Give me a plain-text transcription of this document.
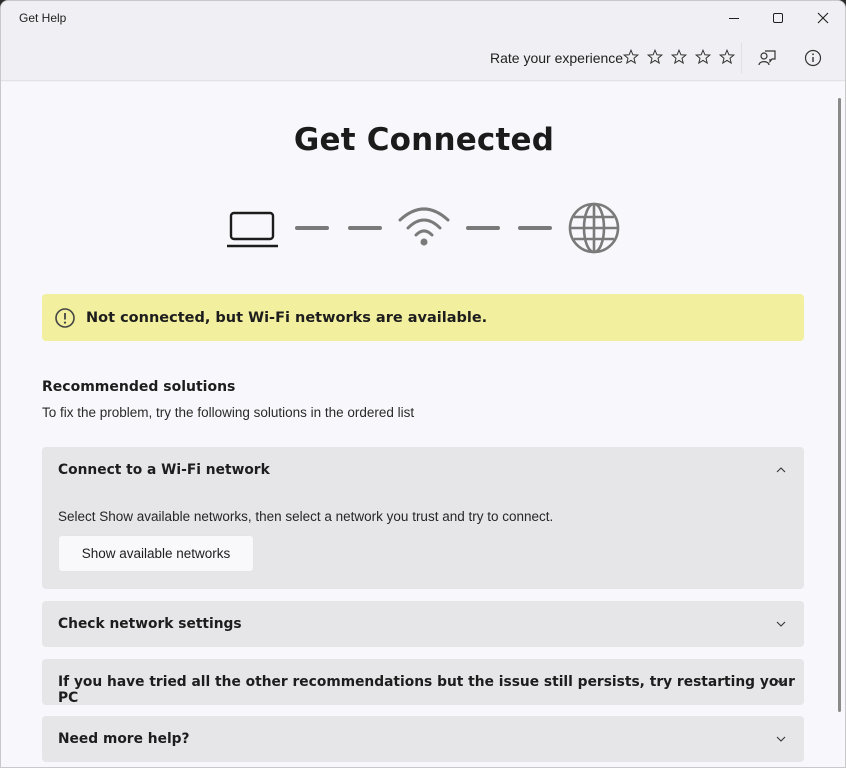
Get Help
Rate your experience
Get Connected
Not connected, but Wi-Fi networks are available.
Recommended solutions

To fix the problem, try the following solutions in the ordered list

Connect to a Wi-Fi network
Select Show available networks, then select a network you trust and try to connect.
Show available networks
Check network settings
If you have tried all the other recommendations but the issue still persists, try restarting your PC
Need more help?
